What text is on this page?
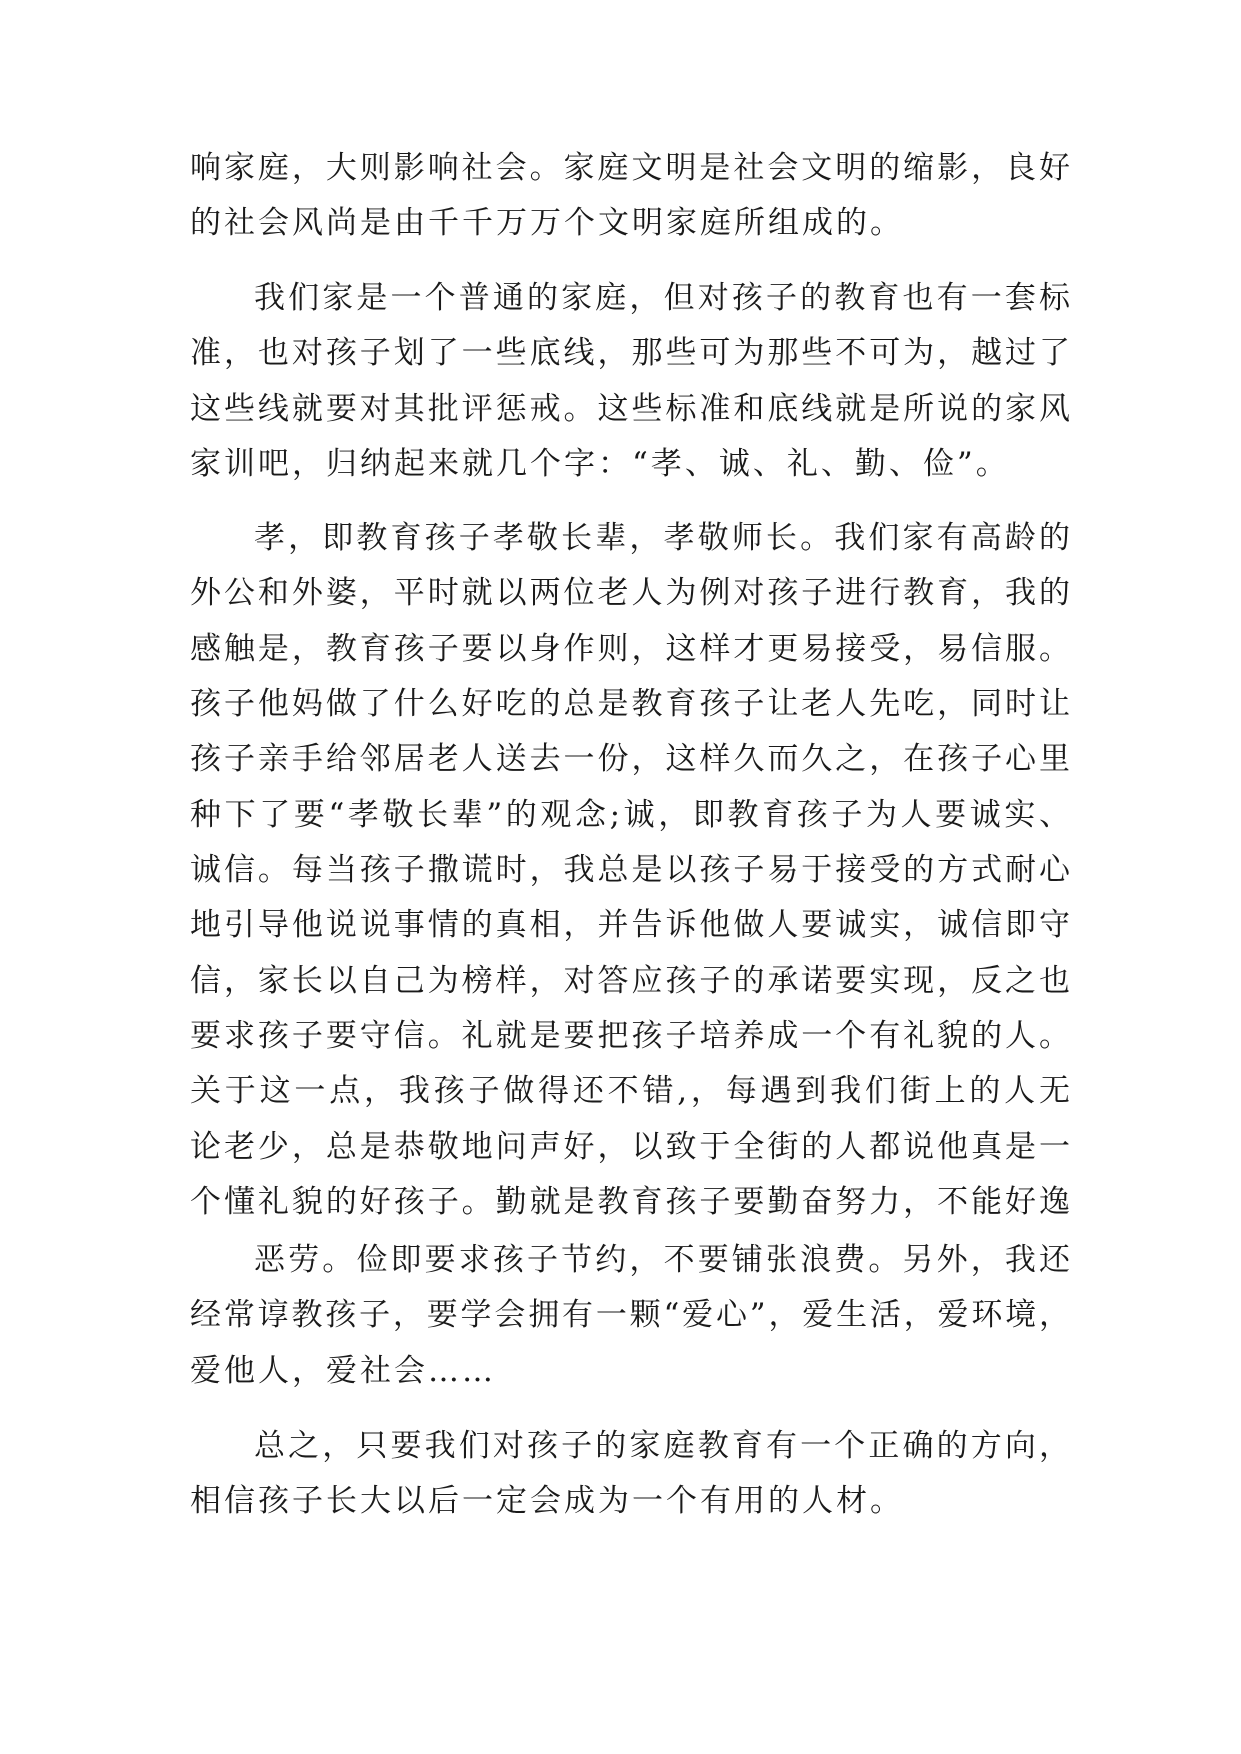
响家庭，大则影响社会。家庭文明是社会文明的缩影，良好
的社会风尚是由千千万万个文明家庭所组成的。
我们家是一个普通的家庭，但对孩子的教育也有一套标
准，也对孩子划了一些底线，那些可为那些不可为，越过了
这些线就要对其批评惩戒。这些标准和底线就是所说的家风
家训吧，归纳起来就几个字：“孝、诚、礼、勤、俭”。
孝，即教育孩子孝敬长辈，孝敬师长。我们家有高龄的
外公和外婆，平时就以两位老人为例对孩子进行教育，我的
感触是，教育孩子要以身作则，这样才更易接受，易信服。
孩子他妈做了什么好吃的总是教育孩子让老人先吃，同时让
孩子亲手给邻居老人送去一份，这样久而久之，在孩子心里
种下了要“孝敬长辈”的观念;诚，即教育孩子为人要诚实、
诚信。每当孩子撒谎时，我总是以孩子易于接受的方式耐心
地引导他说说事情的真相，并告诉他做人要诚实，诚信即守
信，家长以自己为榜样，对答应孩子的承诺要实现，反之也
要求孩子要守信。礼就是要把孩子培养成一个有礼貌的人。
关于这一点，我孩子做得还不错,，每遇到我们街上的人无
论老少，总是恭敬地问声好，以致于全街的人都说他真是一
个懂礼貌的好孩子。勤就是教育孩子要勤奋努力，不能好逸
恶劳。俭即要求孩子节约，不要铺张浪费。另外，我还
经常谆教孩子，要学会拥有一颗“爱心”，爱生活，爱环境，
爱他人，爱社会……
总之，只要我们对孩子的家庭教育有一个正确的方向，
相信孩子长大以后一定会成为一个有用的人材。
